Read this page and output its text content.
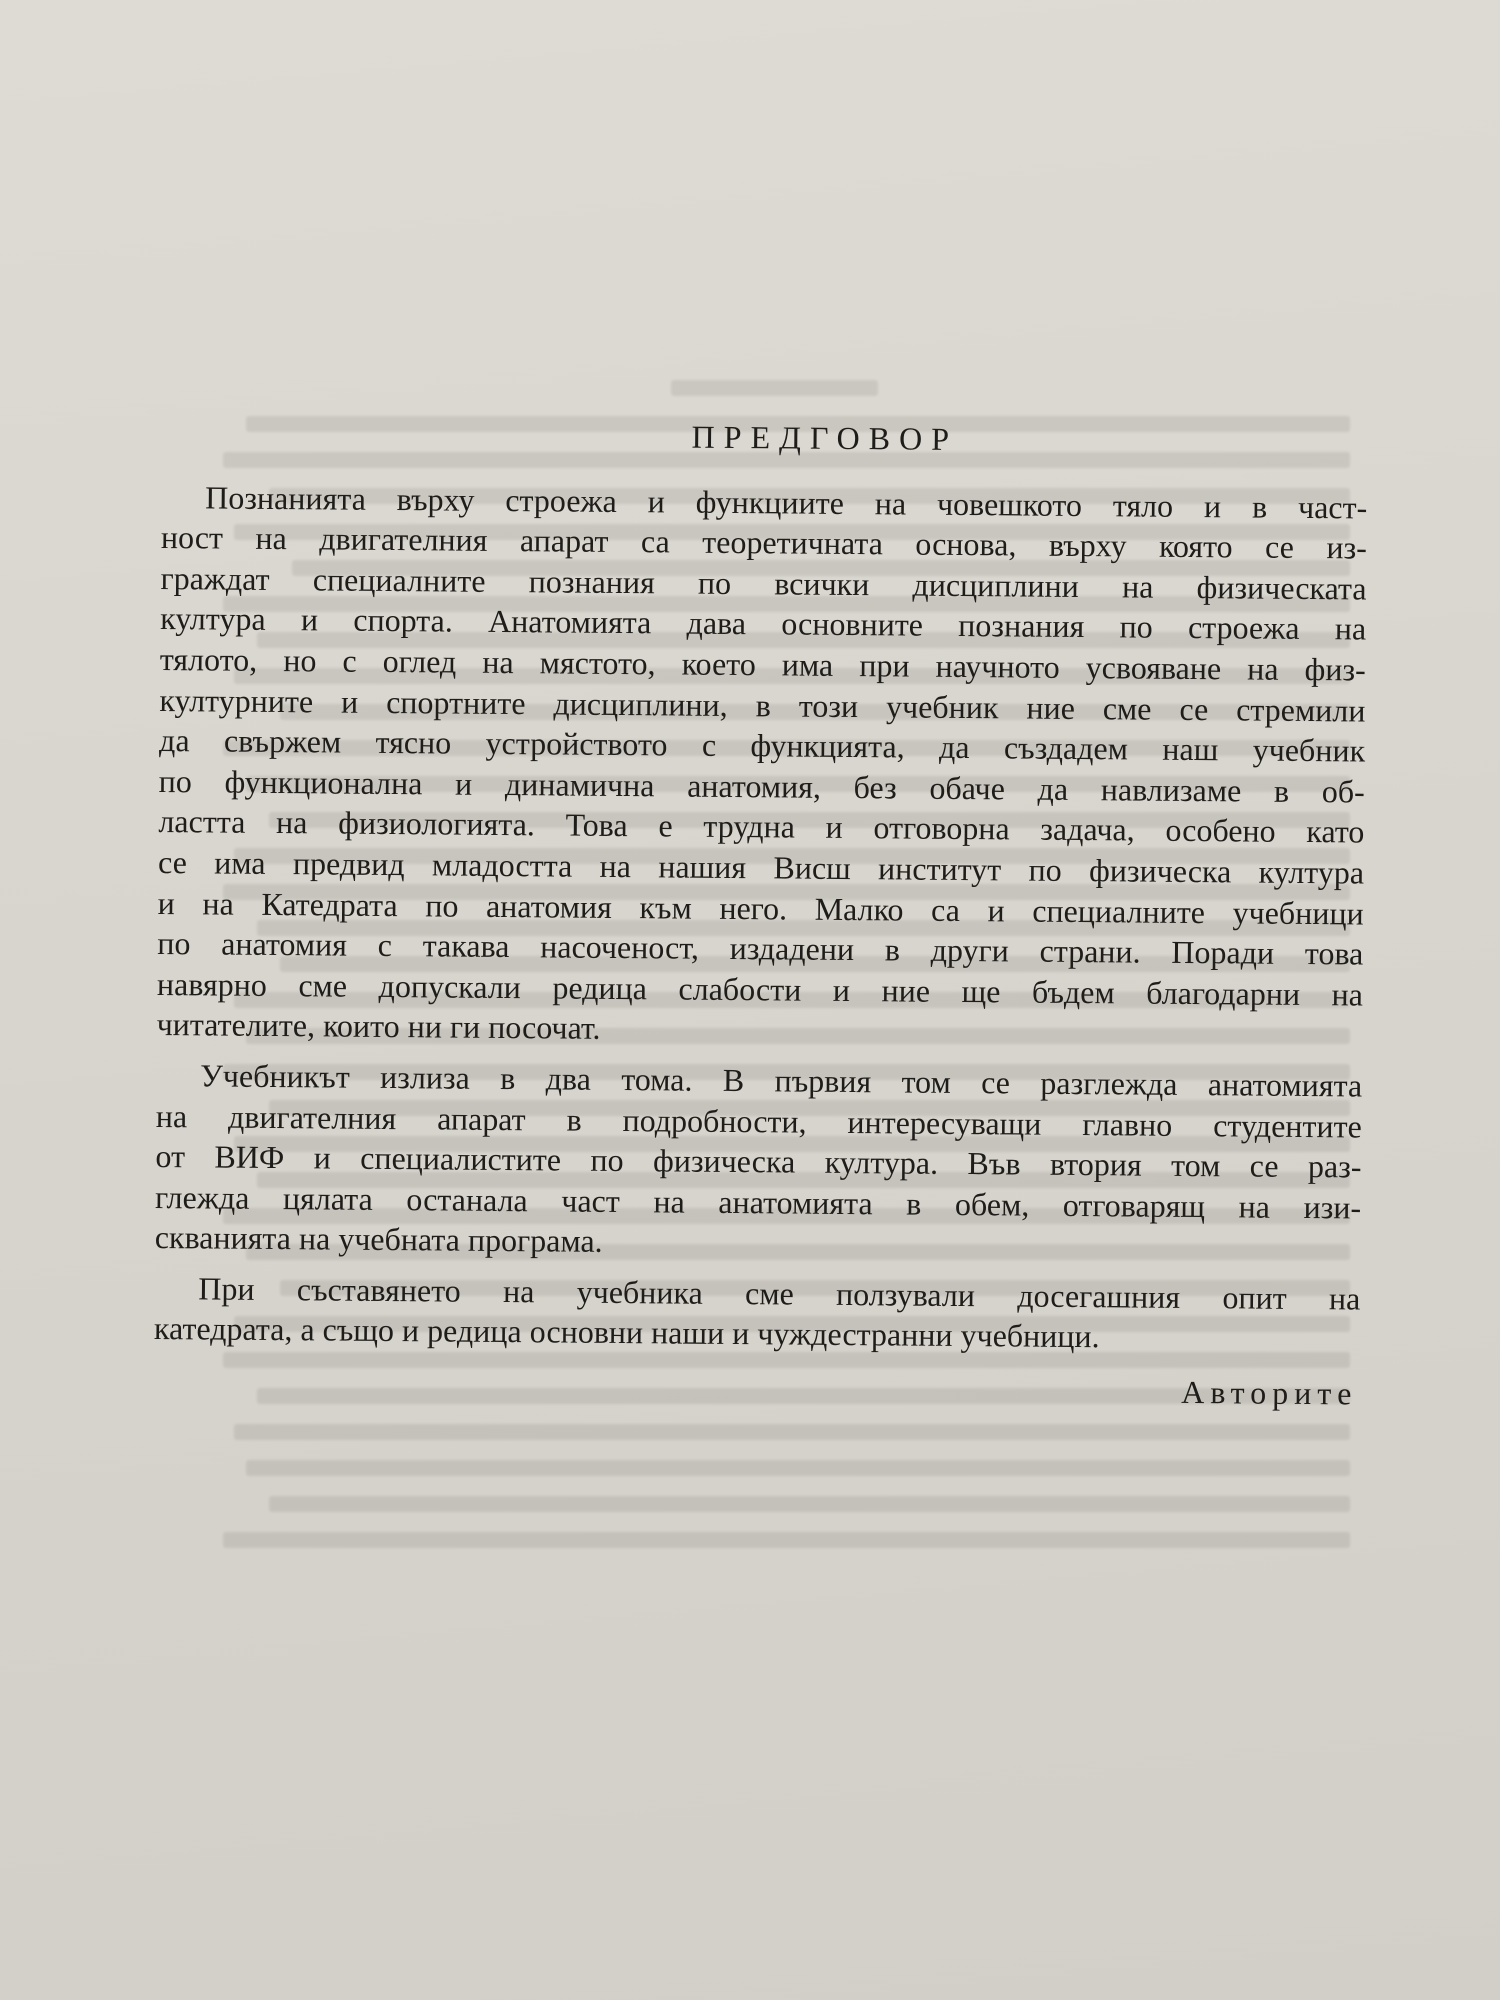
ПРЕДГОВОР
Познанията върху строежа и функциите на човешкото тяло и в част-
ност на двигателния апарат са теоретичната основа, върху която се из-
граждат специалните познания по всички дисциплини на физическата
култура и спорта. Анатомията дава основните познания по строежа на
тялото, но с оглед на мястото, което има при научното усвояване на физ-
културните и спортните дисциплини, в този учебник ние сме се стремили
да свържем тясно устройството с функцията, да създадем наш учебник
по функционална и динамична анатомия, без обаче да навлизаме в об-
ластта на физиологията. Това е трудна и отговорна задача, особено като
се има предвид младостта на нашия Висш институт по физическа култура
и на Катедрата по анатомия към него. Малко са и специалните учебници
по анатомия с такава насоченост, издадени в други страни. Поради това
навярно сме допускали редица слабости и ние ще бъдем благодарни на
читателите, които ни ги посочат.
Учебникът излиза в два тома. В първия том се разглежда анатомията
на двигателния апарат в подробности, интересуващи главно студентите
от ВИФ и специалистите по физическа култура. Във втория том се раз-
глежда цялата останала част на анатомията в обем, отговарящ на изи-
скванията на учебната програма.
При съставянето на учебника сме ползували досегашния опит на
катедрата, а също и редица основни наши и чуждестранни учебници.
Авторите
